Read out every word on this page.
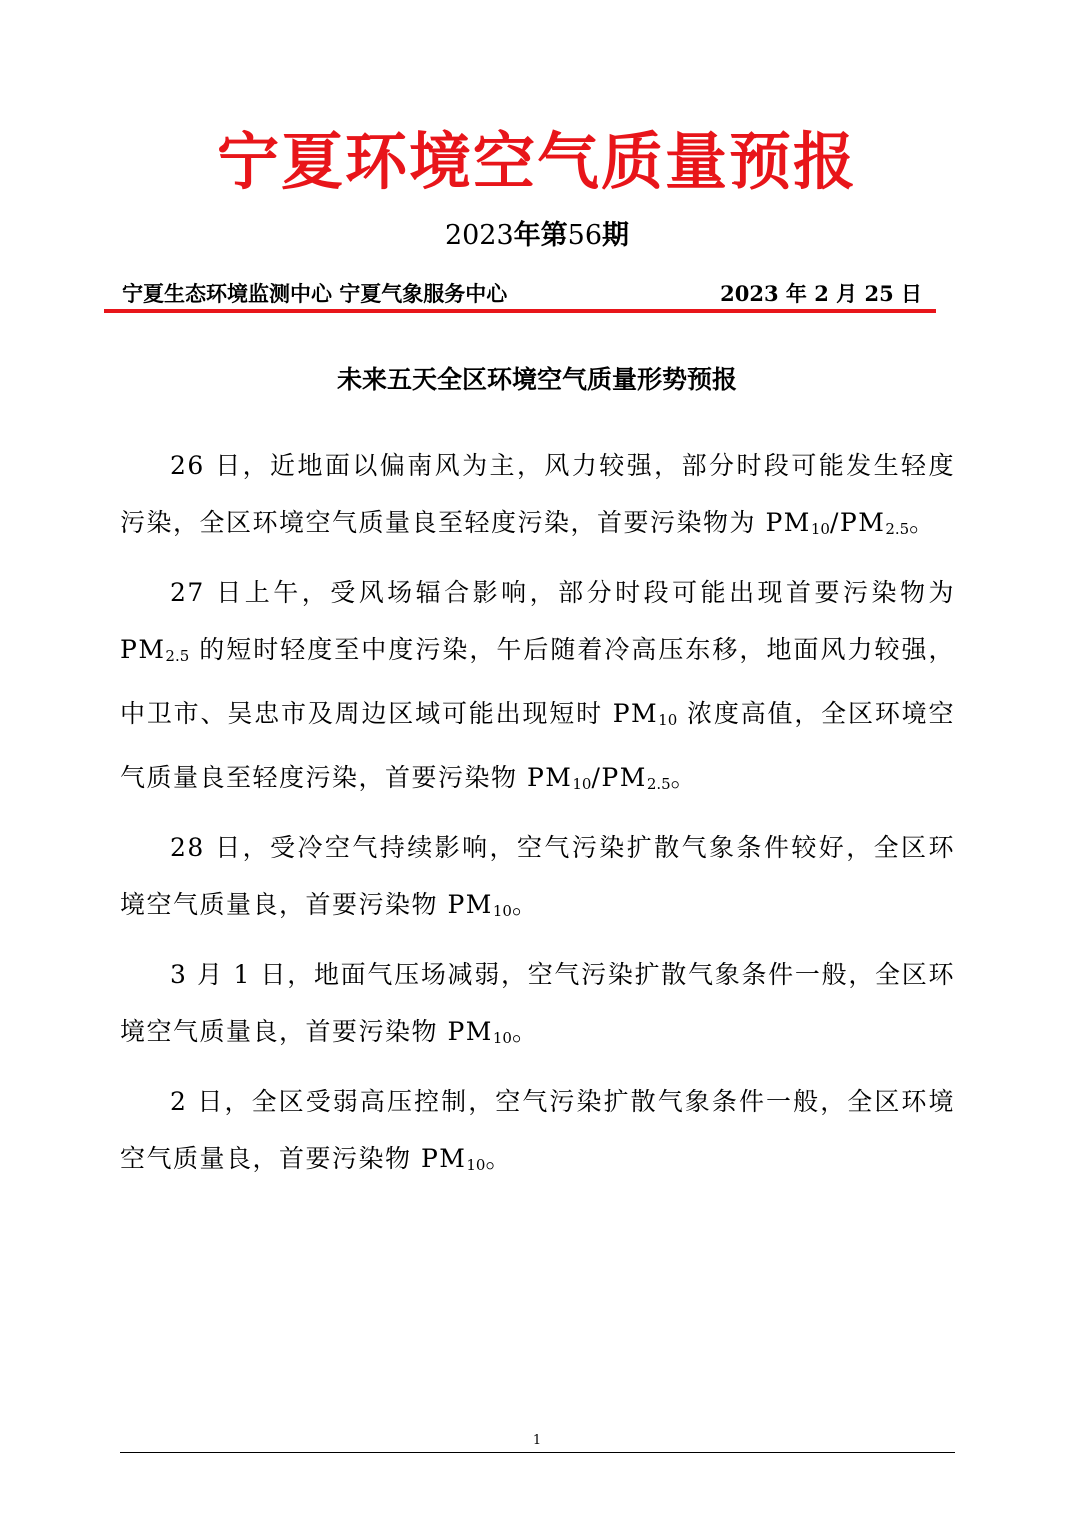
宁夏环境空气质量预报
2023年第56期
宁夏生态环境监测中心 宁夏气象服务中心	2023 年 2 月 25 日
未来五天全区环境空气质量形势预报

26 日，近地面以偏南风为主，风力较强，部分时段可能发生轻度污染，全区环境空气质量良至轻度污染，首要污染物为 $PM_{10}/PM_{2.5}$。

27 日上午，受风场辐合影响，部分时段可能出现首要污染物为 $PM_{2.5}$ 的短时轻度至中度污染，午后随着冷高压东移，地面风力较强，中卫市、吴忠市及周边区域可能出现短时 $PM_{10}$ 浓度高值，全区环境空气质量良至轻度污染，首要污染物 $PM_{10}/PM_{2.5}$。

28 日，受冷空气持续影响，空气污染扩散气象条件较好，全区环境空气质量良，首要污染物 $PM_{10}$。

3 月 1 日，地面气压场减弱，空气污染扩散气象条件一般，全区环境空气质量良，首要污染物 $PM_{10}$。

2 日，全区受弱高压控制，空气污染扩散气象条件一般，全区环境空气质量良，首要污染物 $PM_{10}$。

1
